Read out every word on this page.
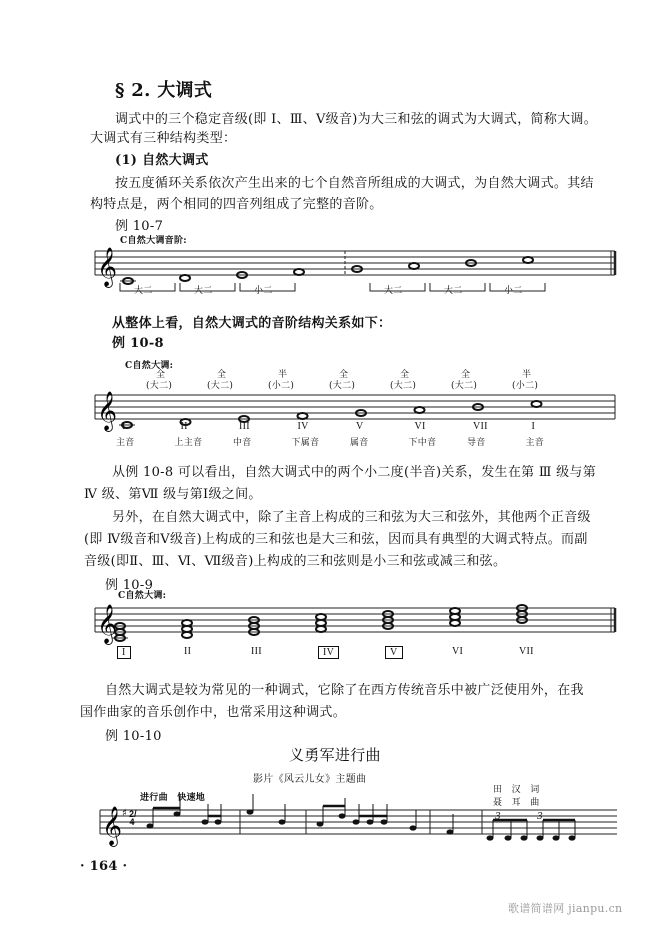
§ 2. 大调式
调式中的三个稳定音级(即 Ⅰ、Ⅲ、Ⅴ级音)为大三和弦的调式为大调式，简称大调。
大调式有三种结构类型：
(1) 自然大调式
按五度循环关系依次产生出来的七个自然音所组成的大调式，为自然大调式。其结
构特点是，两个相同的四音列组成了完整的音阶。
例 10-7
C自然大调音阶:
大二	大二	小二	大二	大二	小二
从整体上看，自然大调式的音阶结构关系如下：
例 10-8
C自然大调:
全
(大二)
全
(大二)
半
(小二)
全
(大二)
全
(大二)
全
(大二)
半
(小二)
I
主音
II
上主音
III
中音
IV
下属音
V
属音
VI
下中音
VII
导音
I
主音
从例 10-8 可以看出，自然大调式中的两个小二度(半音)关系，发生在第 Ⅲ 级与第
Ⅳ 级、第Ⅶ 级与第Ⅰ级之间。
另外，在自然大调式中，除了主音上构成的三和弦为大三和弦外，其他两个正音级
(即 Ⅳ级音和Ⅴ级音)上构成的三和弦也是大三和弦，因而具有典型的大调式特点。而副
音级(即Ⅱ、Ⅲ、Ⅵ、Ⅶ级音)上构成的三和弦则是小三和弦或减三和弦。
例 10-9
C自然大调:
I	II	III	IV	V	VI	VII
自然大调式是较为常见的一种调式，它除了在西方传统音乐中被广泛使用外，在我
国作曲家的音乐创作中，也常采用这种调式。
例 10-10
义勇军进行曲
影片《风云儿女》主题曲
田　汉　词
聂　耳　曲
进行曲　快速地
2/4	3	3
· 164 ·
歌谱简谱网 jianpu.cn
𝄞
𝄞
𝄞
𝄞 ♯
